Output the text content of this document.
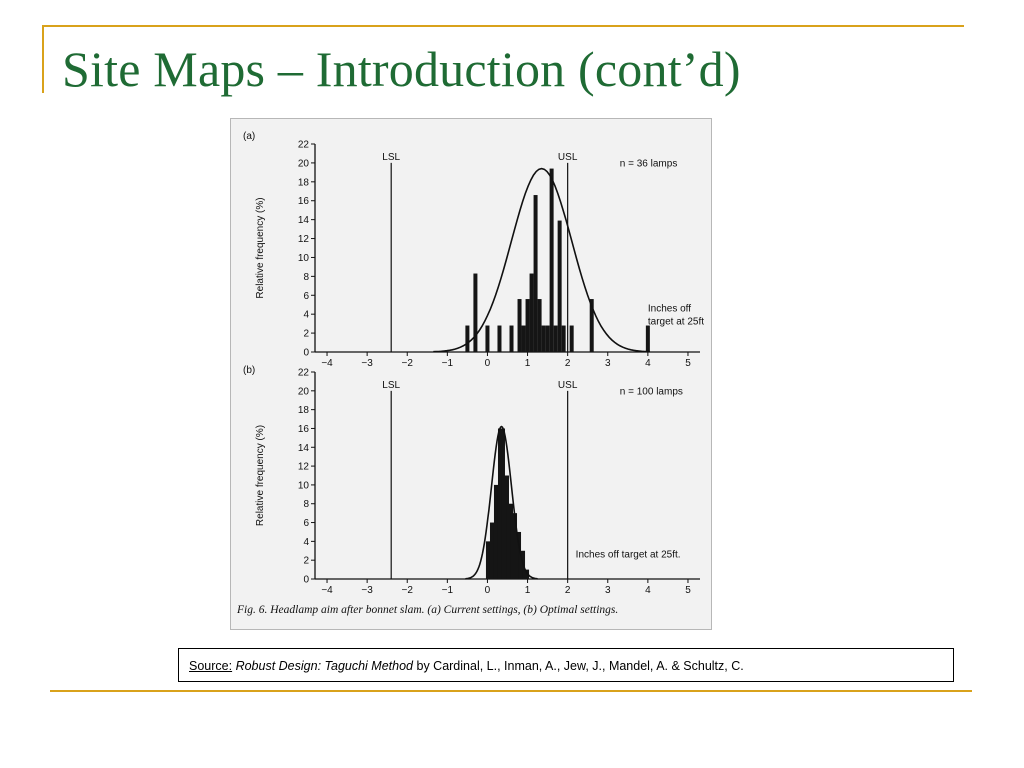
Site Maps – Introduction (cont’d)
(a)
0
2
4
6
8
10
12
14
16
18
20
22
−4	−3	−2	−1	0	1	2	3	4	5
Relative frequency (%)
LSL	USL
n = 36 lamps
Inches off
target at 25ft
(b)
0
2
4
6
8
10
12
14
16
18
20
22
−4	−3	−2	−1	0	1	2	3	4	5
Relative frequency (%)
LSL	USL
n = 100 lamps
Inches off target at 25ft.
Fig. 6. Headlamp aim after bonnet slam. (a) Current settings, (b) Optimal settings.
Source: Robust Design: Taguchi Method by Cardinal, L., Inman, A., Jew, J., Mandel, A. & Schultz, C.
